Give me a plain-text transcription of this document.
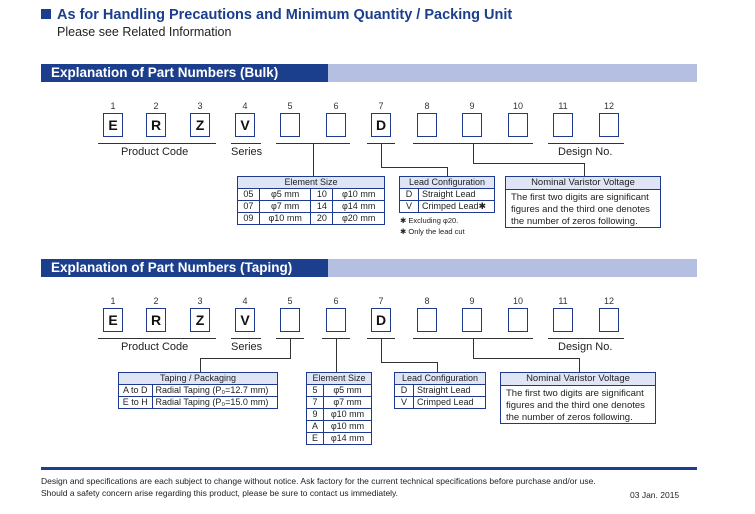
As for Handling Precautions and Minimum Quantity / Packing Unit
Please see Related Information
Explanation of Part Numbers (Bulk)
1	2	3	4	5	6	7	8	9	10	11	12
E	R	Z	V	D
Product Code	Series	Design No.
Element Size			
05	φ5 mm	10	φ10 mm
07	φ7 mm	14	φ14 mm
09	φ10 mm	20	φ20 mm
Lead Configuration	
D	Straight Lead
V	Crimped Lead✱
✱ Excluding φ20.
✱ Only the lead cut
Nominal Varistor Voltage
The first two digits are significant figures and the third one denotes the number of zeros following.
Explanation of Part Numbers (Taping)
1	2	3	4	5	6	7	8	9	10	11	12
E	R	Z	V	D
Product Code	Series	Design No.
Taping / Packaging	
A to D	Radial Taping (P₀=12.7 mm)
E to H	Radial Taping (P₀=15.0 mm)
Element Size	
5	φ5 mm
7	φ7 mm
9	φ10 mm
A	φ10 mm
E	φ14 mm
Lead Configuration	
D	Straight Lead
V	Crimped Lead
Nominal Varistor Voltage
The first two digits are significant figures and the third one denotes the number of zeros following.
Design and specifications are each subject to change without notice. Ask factory for the current technical specifications before purchase and/or use.
Should a safety concern arise regarding this product, please be sure to contact us immediately.	03 Jan. 2015
